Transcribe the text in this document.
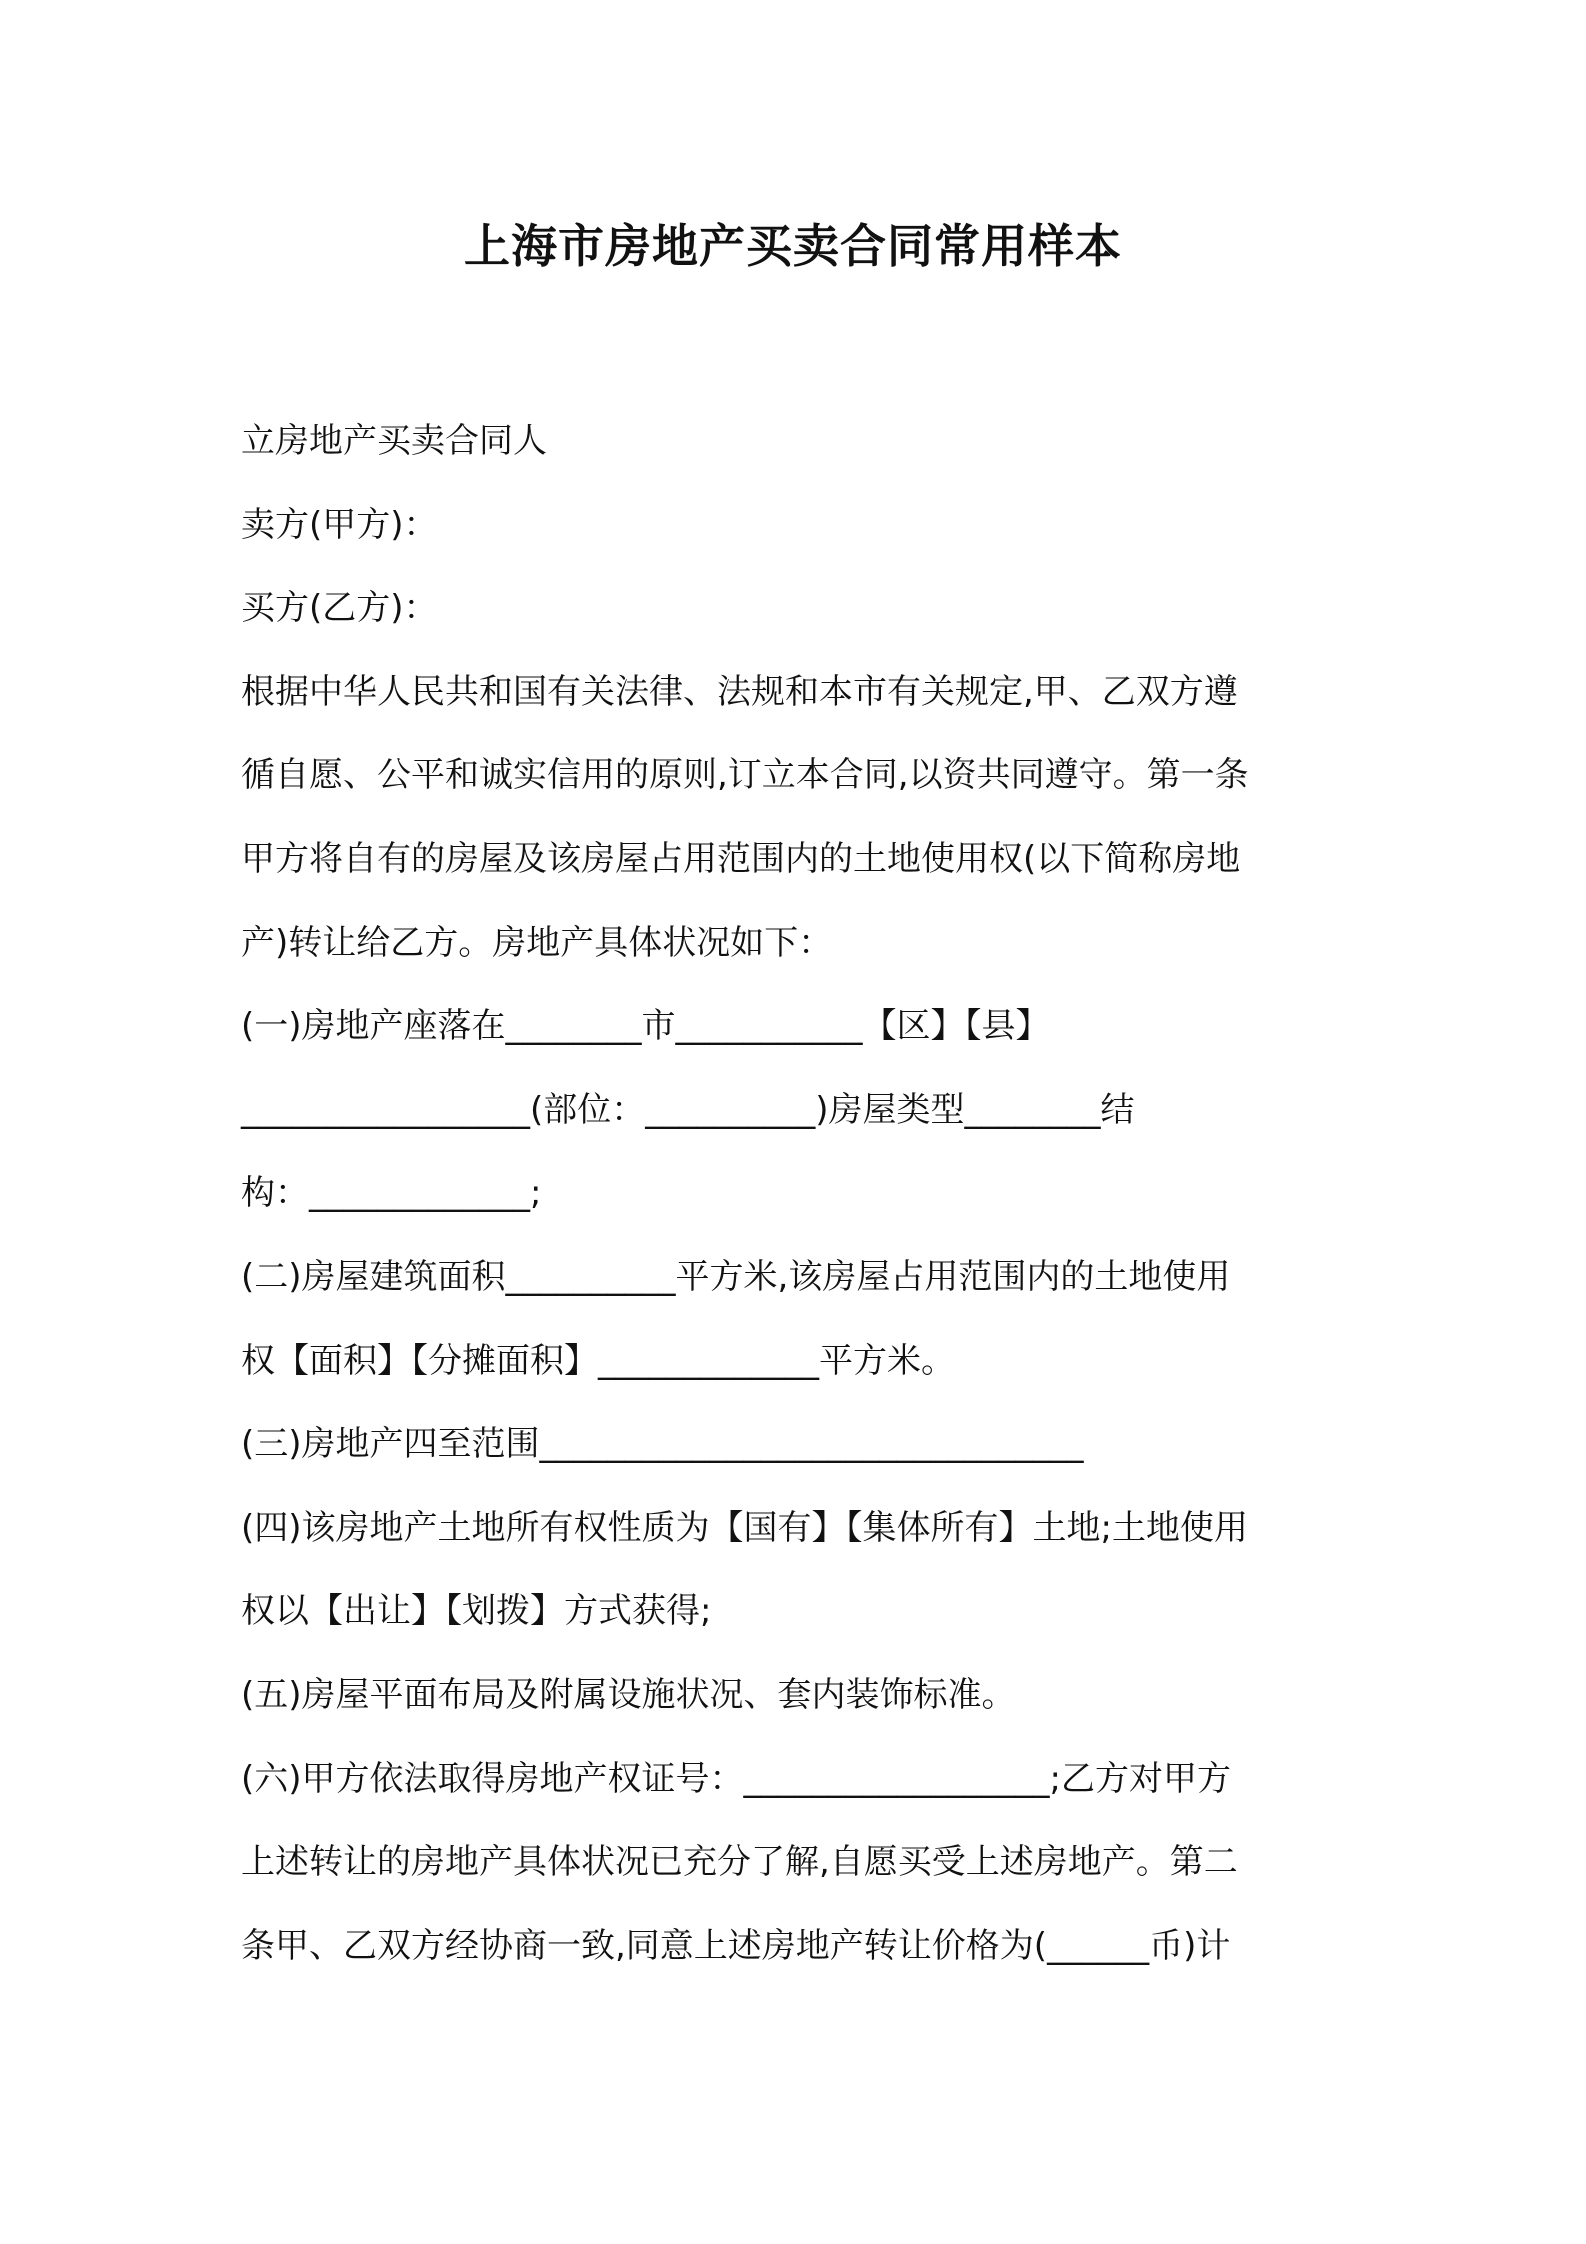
上海市房地产买卖合同常用样本

立房地产买卖合同人

卖方(甲方)：

买方(乙方)：

根据中华人民共和国有关法律、法规和本市有关规定,甲、乙双方遵

循自愿、公平和诚实信用的原则,订立本合同,以资共同遵守。第一条

甲方将自有的房屋及该房屋占用范围内的土地使用权(以下简称房地

产)转让给乙方。房地产具体状况如下：

(一)房地产座落在________市___________【区】【县】

_________________(部位：__________)房屋类型________结

构：_____________;

(二)房屋建筑面积__________平方米,该房屋占用范围内的土地使用

权【面积】【分摊面积】_____________平方米。

(三)房地产四至范围________________________________

(四)该房地产土地所有权性质为【国有】【集体所有】土地;土地使用

权以【出让】【划拨】方式获得;

(五)房屋平面布局及附属设施状况、套内装饰标准。

(六)甲方依法取得房地产权证号：__________________;乙方对甲方

上述转让的房地产具体状况已充分了解,自愿买受上述房地产。第二

条甲、乙双方经协商一致,同意上述房地产转让价格为(______币)计
